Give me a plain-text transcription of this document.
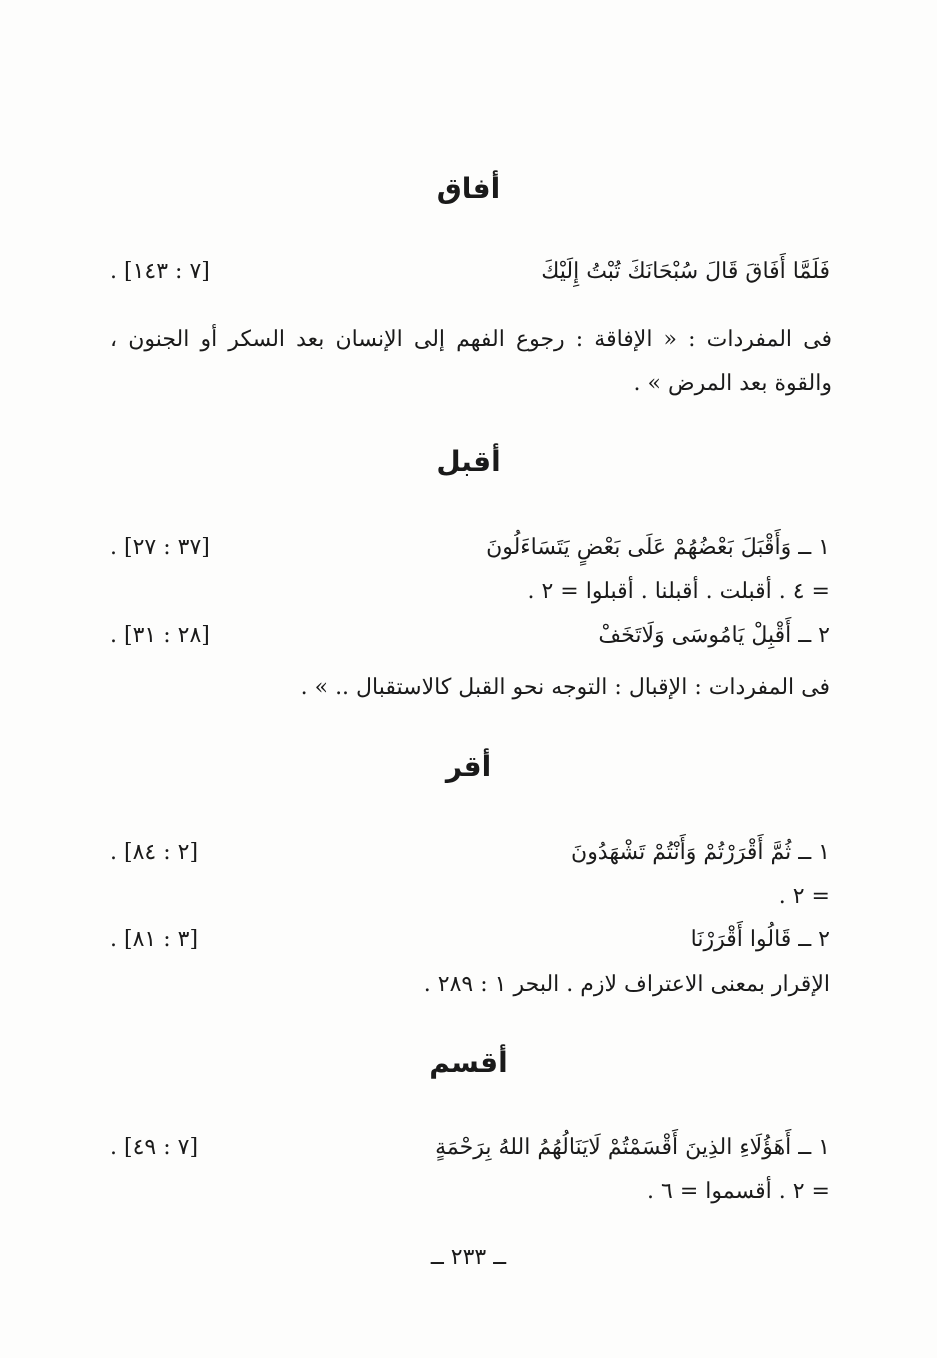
أفاق
فَلَمَّا أَفَاقَ قَالَ سُبْحَانَكَ تُبْتُ إِلَيْكَ
[٧ : ١٤٣] .
فى المفردات : « الإفاقة : رجوع الفهم إلى الإنسان بعد السكر أو الجنون ، والقوة بعد المرض » .
أقبل
١ ــ وَأَقْبَلَ بَعْضُهُمْ عَلَى بَعْضٍ يَتَسَاءَلُونَ
[٣٧ : ٢٧] .
= ٤ . أقبلت . أقبلنا . أقبلوا = ٢ .
٢ ــ أَقْبِلْ يَامُوسَى وَلَاتَخَفْ
[٢٨ : ٣١] .
فى المفردات : الإقبال : التوجه نحو القبل كالاستقبال .. » .
أقر
١ ــ ثُمَّ أَقْرَرْتُمْ وَأَنْتُمْ تَشْهَدُونَ
[٢ : ٨٤] .
= ٢ .
٢ ــ قَالُوا أَقْرَرْنَا
[٣ : ٨١] .
الإقرار بمعنى الاعتراف لازم . البحر ١ : ٢٨٩ .
أقسم
١ ــ أَهَؤُلَاءِ الذِينَ أَقْسَمْتُمْ لَايَنَالُهُمُ اللهُ بِرَحْمَةٍ
[٧ : ٤٩] .
= ٢ . أقسموا = ٦ .
ــ ٢٣٣ ــ
